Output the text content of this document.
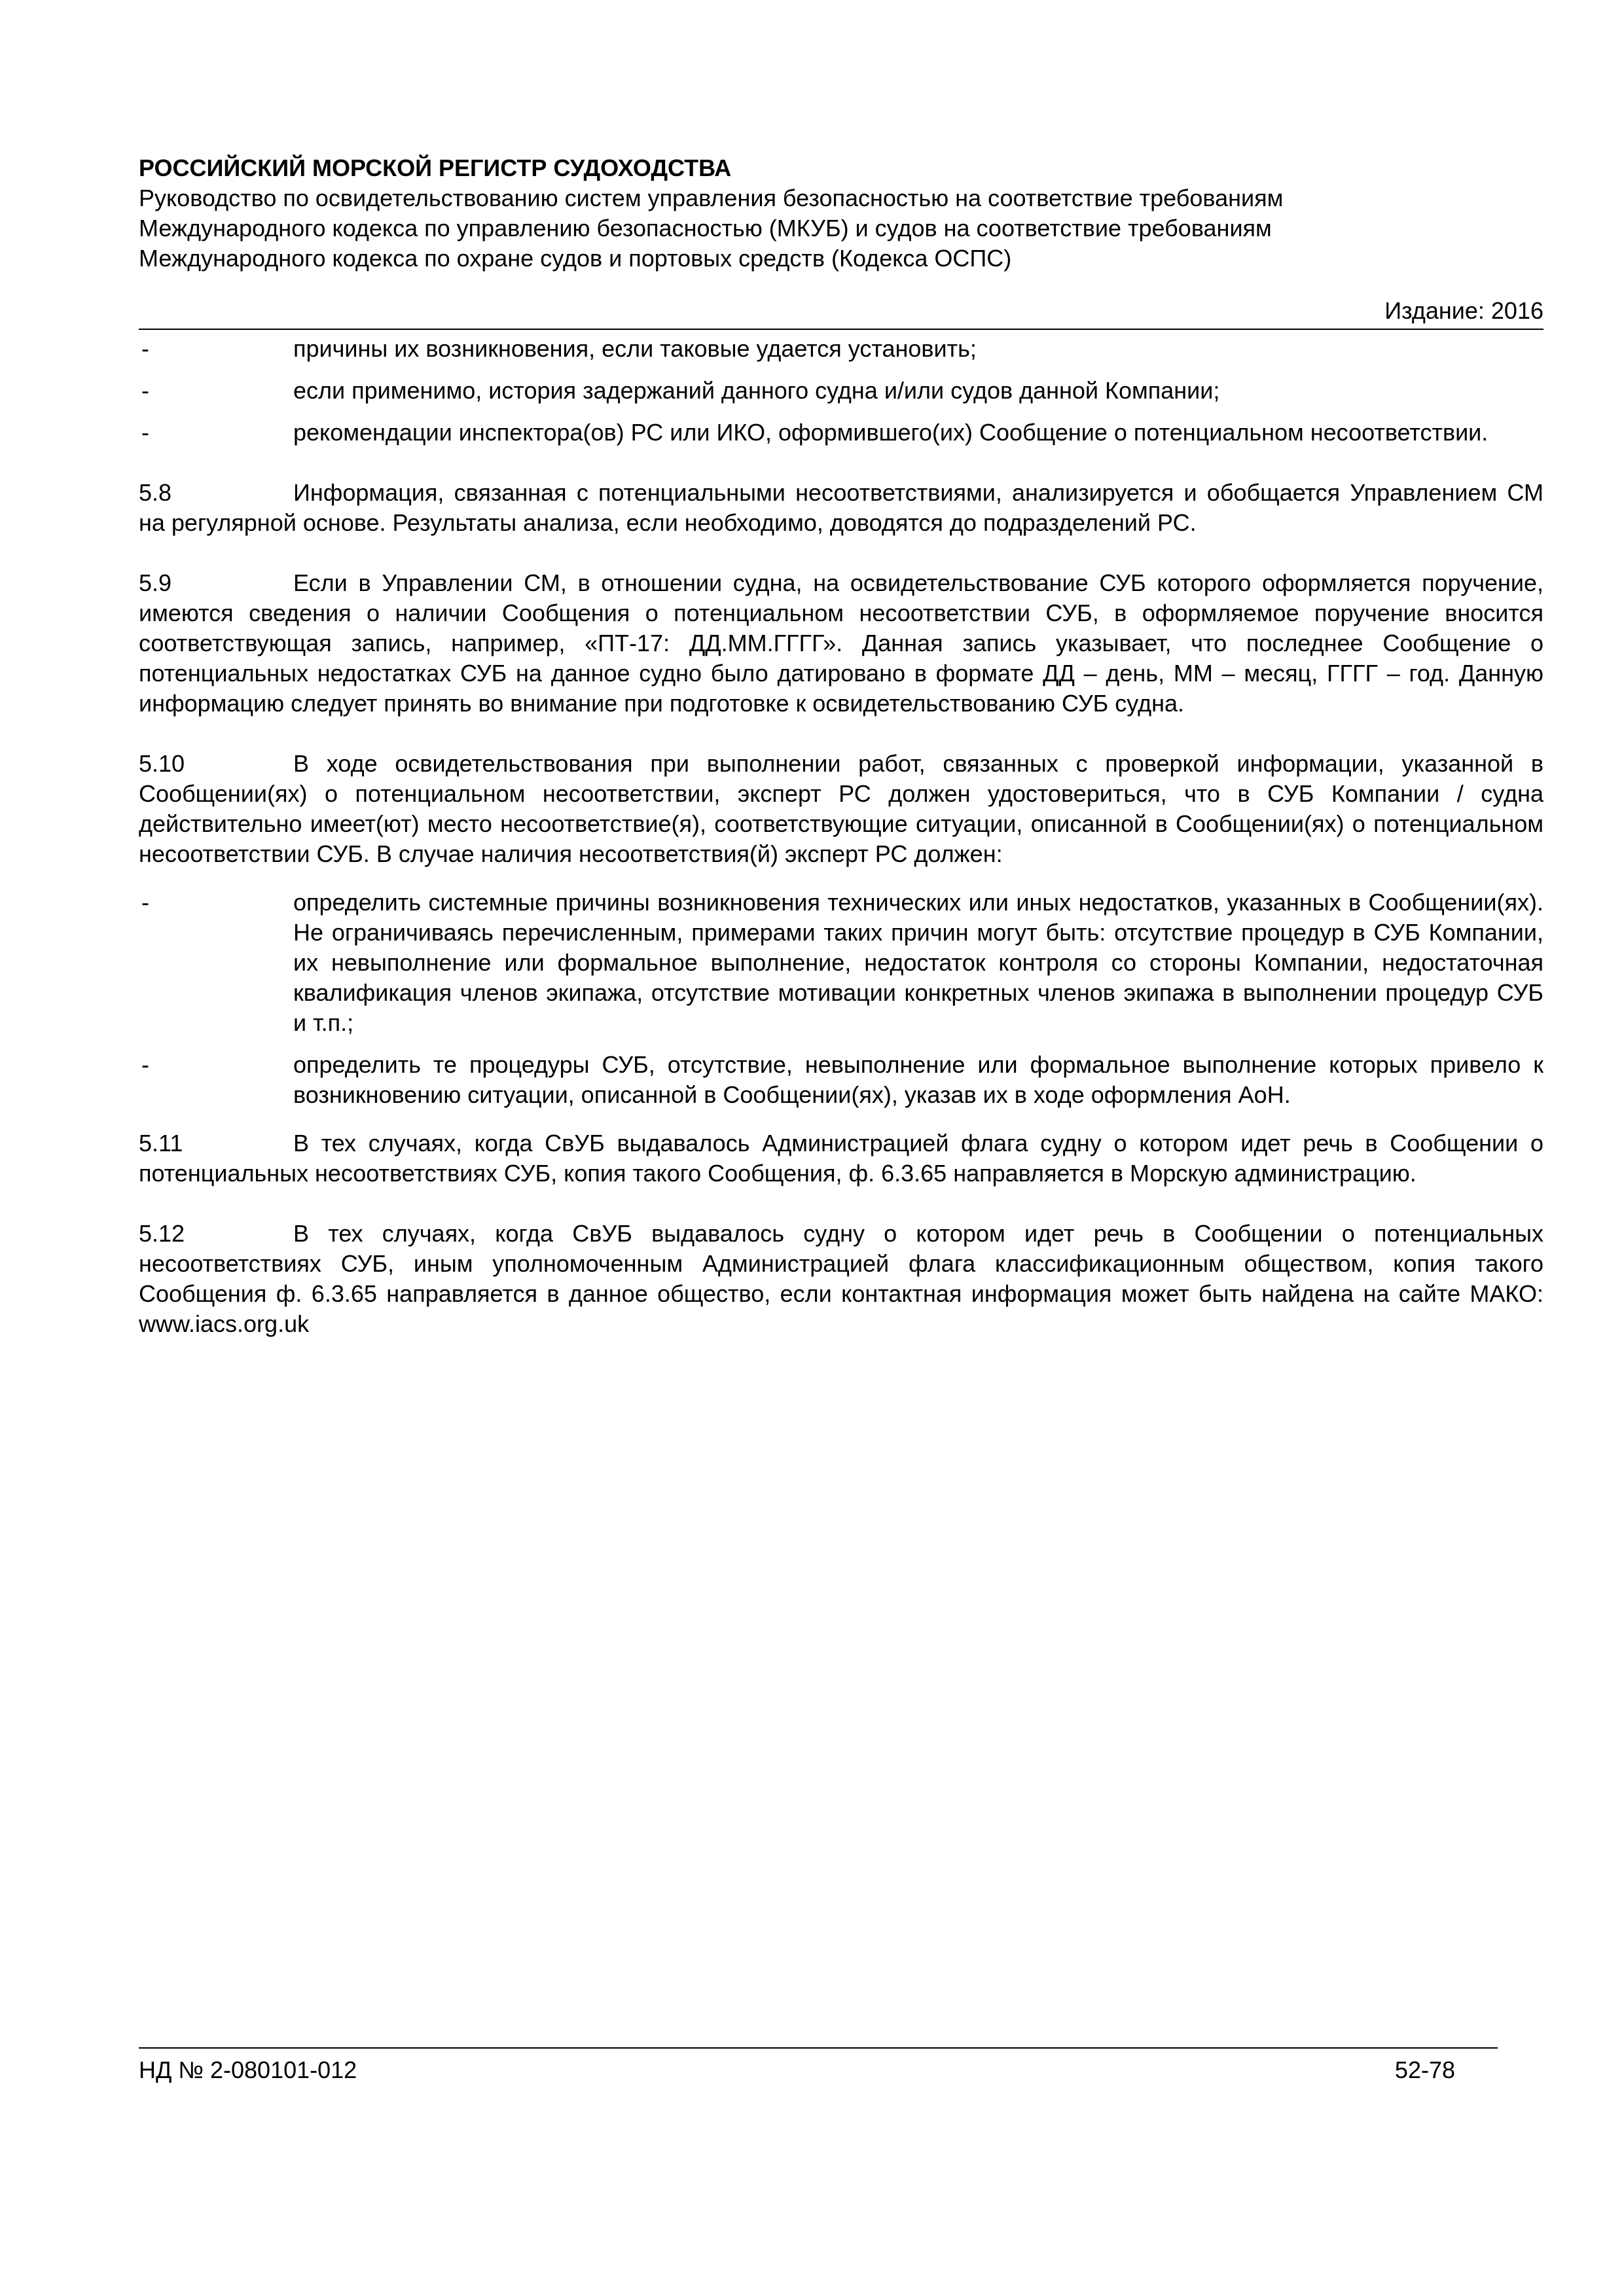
РОССИЙСКИЙ МОРСКОЙ РЕГИСТР СУДОХОДСТВА
Руководство по освидетельствованию систем управления безопасностью на соответствие требованиям
Международного кодекса по управлению безопасностью (МКУБ) и судов на соответствие требованиям
Международного кодекса по охране судов и портовых средств (Кодекса ОСПС)
Издание: 2016
-	причины их возникновения, если таковые удается установить;
-	если применимо, история задержаний данного судна и/или судов данной Компании;
-	рекомендации инспектора(ов) РС или ИКО, оформившего(их) Сообщение о потенциальном несоответствии.
5.8	Информация, связанная с потенциальными несоответствиями, анализируется и обобщается Управлением СМ на регулярной основе. Результаты анализа, если необходимо, доводятся до подразделений РС.
5.9	Если в Управлении СМ, в отношении судна, на освидетельствование СУБ которого оформляется поручение, имеются сведения о наличии Сообщения о потенциальном несоответствии СУБ, в оформляемое поручение вносится соответствующая запись, например, «ПТ-17: ДД.ММ.ГГГГ». Данная запись указывает, что последнее Сообщение о потенциальных недостатках СУБ на данное судно было датировано в формате ДД – день, ММ – месяц, ГГГГ – год. Данную информацию следует принять во внимание при подготовке к освидетельствованию СУБ судна.
5.10	В ходе освидетельствования при выполнении работ, связанных с проверкой информации, указанной в Сообщении(ях) о потенциальном несоответствии, эксперт РС должен удостовериться, что в СУБ Компании / судна действительно имеет(ют) место несоответствие(я), соответствующие ситуации, описанной в Сообщении(ях) о потенциальном несоответствии СУБ. В случае наличия несоответствия(й) эксперт РС должен:
-	определить системные причины возникновения технических или иных недостатков, указанных в Сообщении(ях). Не ограничиваясь перечисленным, примерами таких причин могут быть: отсутствие процедур в СУБ Компании, их невыполнение или формальное выполнение, недостаток контроля со стороны Компании, недостаточная квалификация членов экипажа, отсутствие мотивации конкретных членов экипажа в выполнении процедур СУБ и т.п.;
-	определить те процедуры СУБ, отсутствие, невыполнение или формальное выполнение которых привело к возникновению ситуации, описанной в Сообщении(ях), указав их в ходе оформления AoH.
5.11	В тех случаях, когда СвУБ выдавалось Администрацией флага судну о котором идет речь в Сообщении о потенциальных несоответствиях СУБ, копия такого Сообщения, ф. 6.3.65 направляется в Морскую администрацию.
5.12	В тех случаях, когда СвУБ выдавалось судну о котором идет речь в Сообщении о потенциальных несоответствиях СУБ, иным уполномоченным Администрацией флага классификационным обществом, копия такого Сообщения ф. 6.3.65 направляется в данное общество, если контактная информация может быть найдена на сайте МАКО: www.iacs.org.uk
НД № 2-080101-012	52-78
